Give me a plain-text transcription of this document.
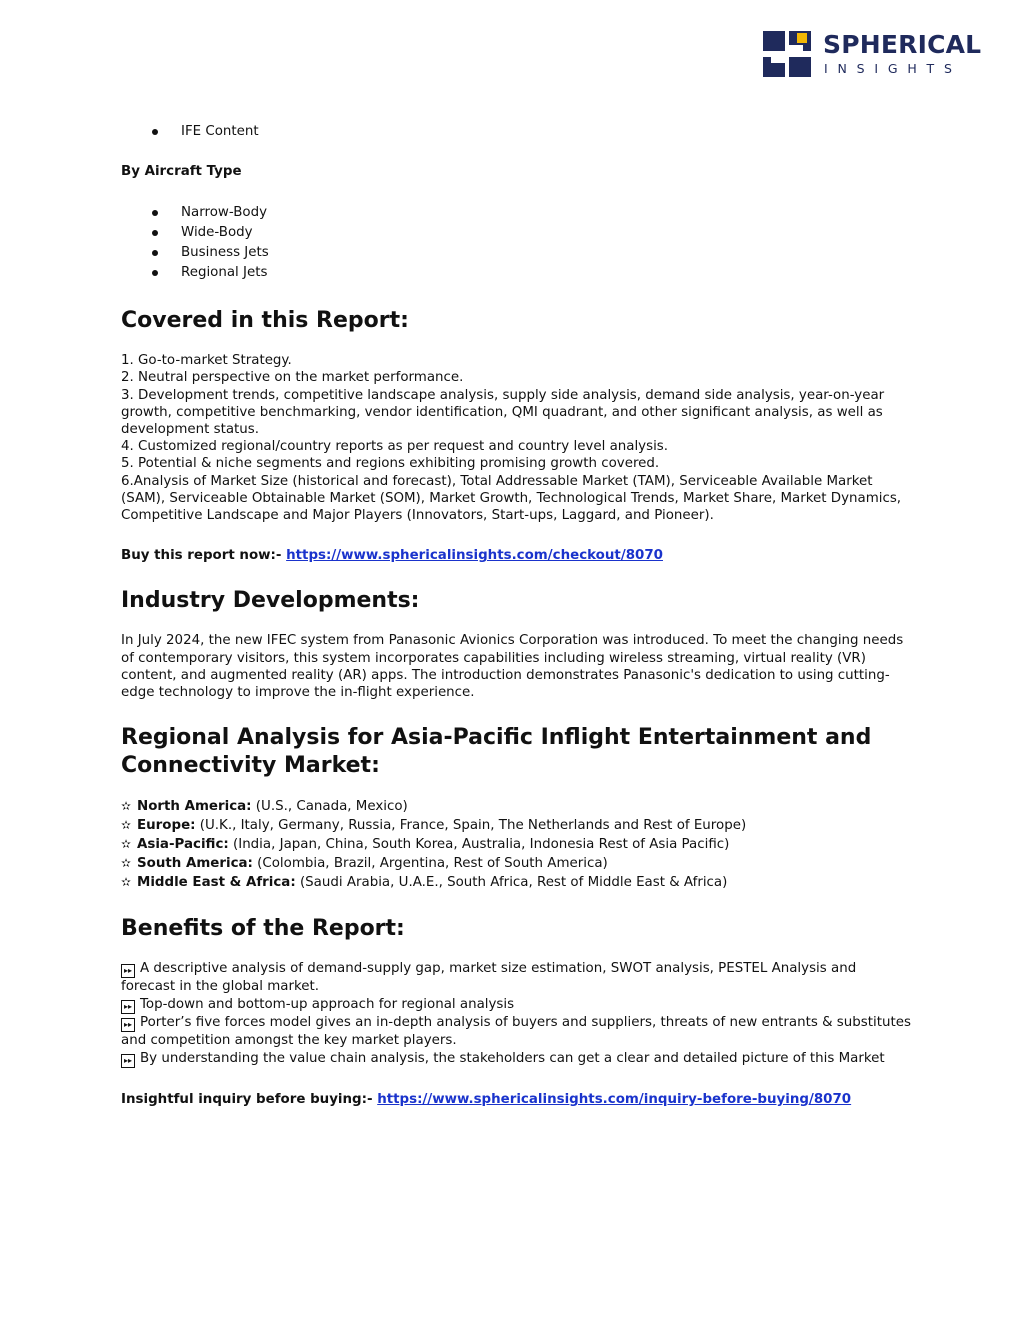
SPHERICAL
INSIGHTS
IFE Content
By Aircraft Type
Narrow-Body
Wide-Body
Business Jets
Regional Jets
Covered in this Report:
1. Go-to-market Strategy.
2. Neutral perspective on the market performance.
3. Development trends, competitive landscape analysis, supply side analysis, demand side analysis, year-on-year growth, competitive benchmarking, vendor identification, QMI quadrant, and other significant analysis, as well as development status.
4. Customized regional/country reports as per request and country level analysis.
5. Potential & niche segments and regions exhibiting promising growth covered.
6.Analysis of Market Size (historical and forecast), Total Addressable Market (TAM), Serviceable Available Market (SAM), Serviceable Obtainable Market (SOM), Market Growth, Technological Trends, Market Share, Market Dynamics, Competitive Landscape and Major Players (Innovators, Start-ups, Laggard, and Pioneer).
Buy this report now:- https://www.sphericalinsights.com/checkout/8070
Industry Developments:
In July 2024, the new IFEC system from Panasonic Avionics Corporation was introduced. To meet the changing needs of contemporary visitors, this system incorporates capabilities including wireless streaming, virtual reality (VR) content, and augmented reality (AR) apps. The introduction demonstrates Panasonic's dedication to using cutting-edge technology to improve the in-flight experience.
Regional Analysis for Asia-Pacific Inflight Entertainment and Connectivity Market:
✫ North America: (U.S., Canada, Mexico)
✫ Europe: (U.K., Italy, Germany, Russia, France, Spain, The Netherlands and Rest of Europe)
✫ Asia-Pacific: (India, Japan, China, South Korea, Australia, Indonesia Rest of Asia Pacific)
✫ South America: (Colombia, Brazil, Argentina, Rest of South America)
✫ Middle East & Africa: (Saudi Arabia, U.A.E., South Africa, Rest of Middle East & Africa)
Benefits of the Report:
▸▸ A descriptive analysis of demand-supply gap, market size estimation, SWOT analysis, PESTEL Analysis and forecast in the global market.
▸▸ Top-down and bottom-up approach for regional analysis
▸▸ Porter’s five forces model gives an in-depth analysis of buyers and suppliers, threats of new entrants & substitutes and competition amongst the key market players.
▸▸ By understanding the value chain analysis, the stakeholders can get a clear and detailed picture of this Market
Insightful inquiry before buying:- https://www.sphericalinsights.com/inquiry-before-buying/8070
